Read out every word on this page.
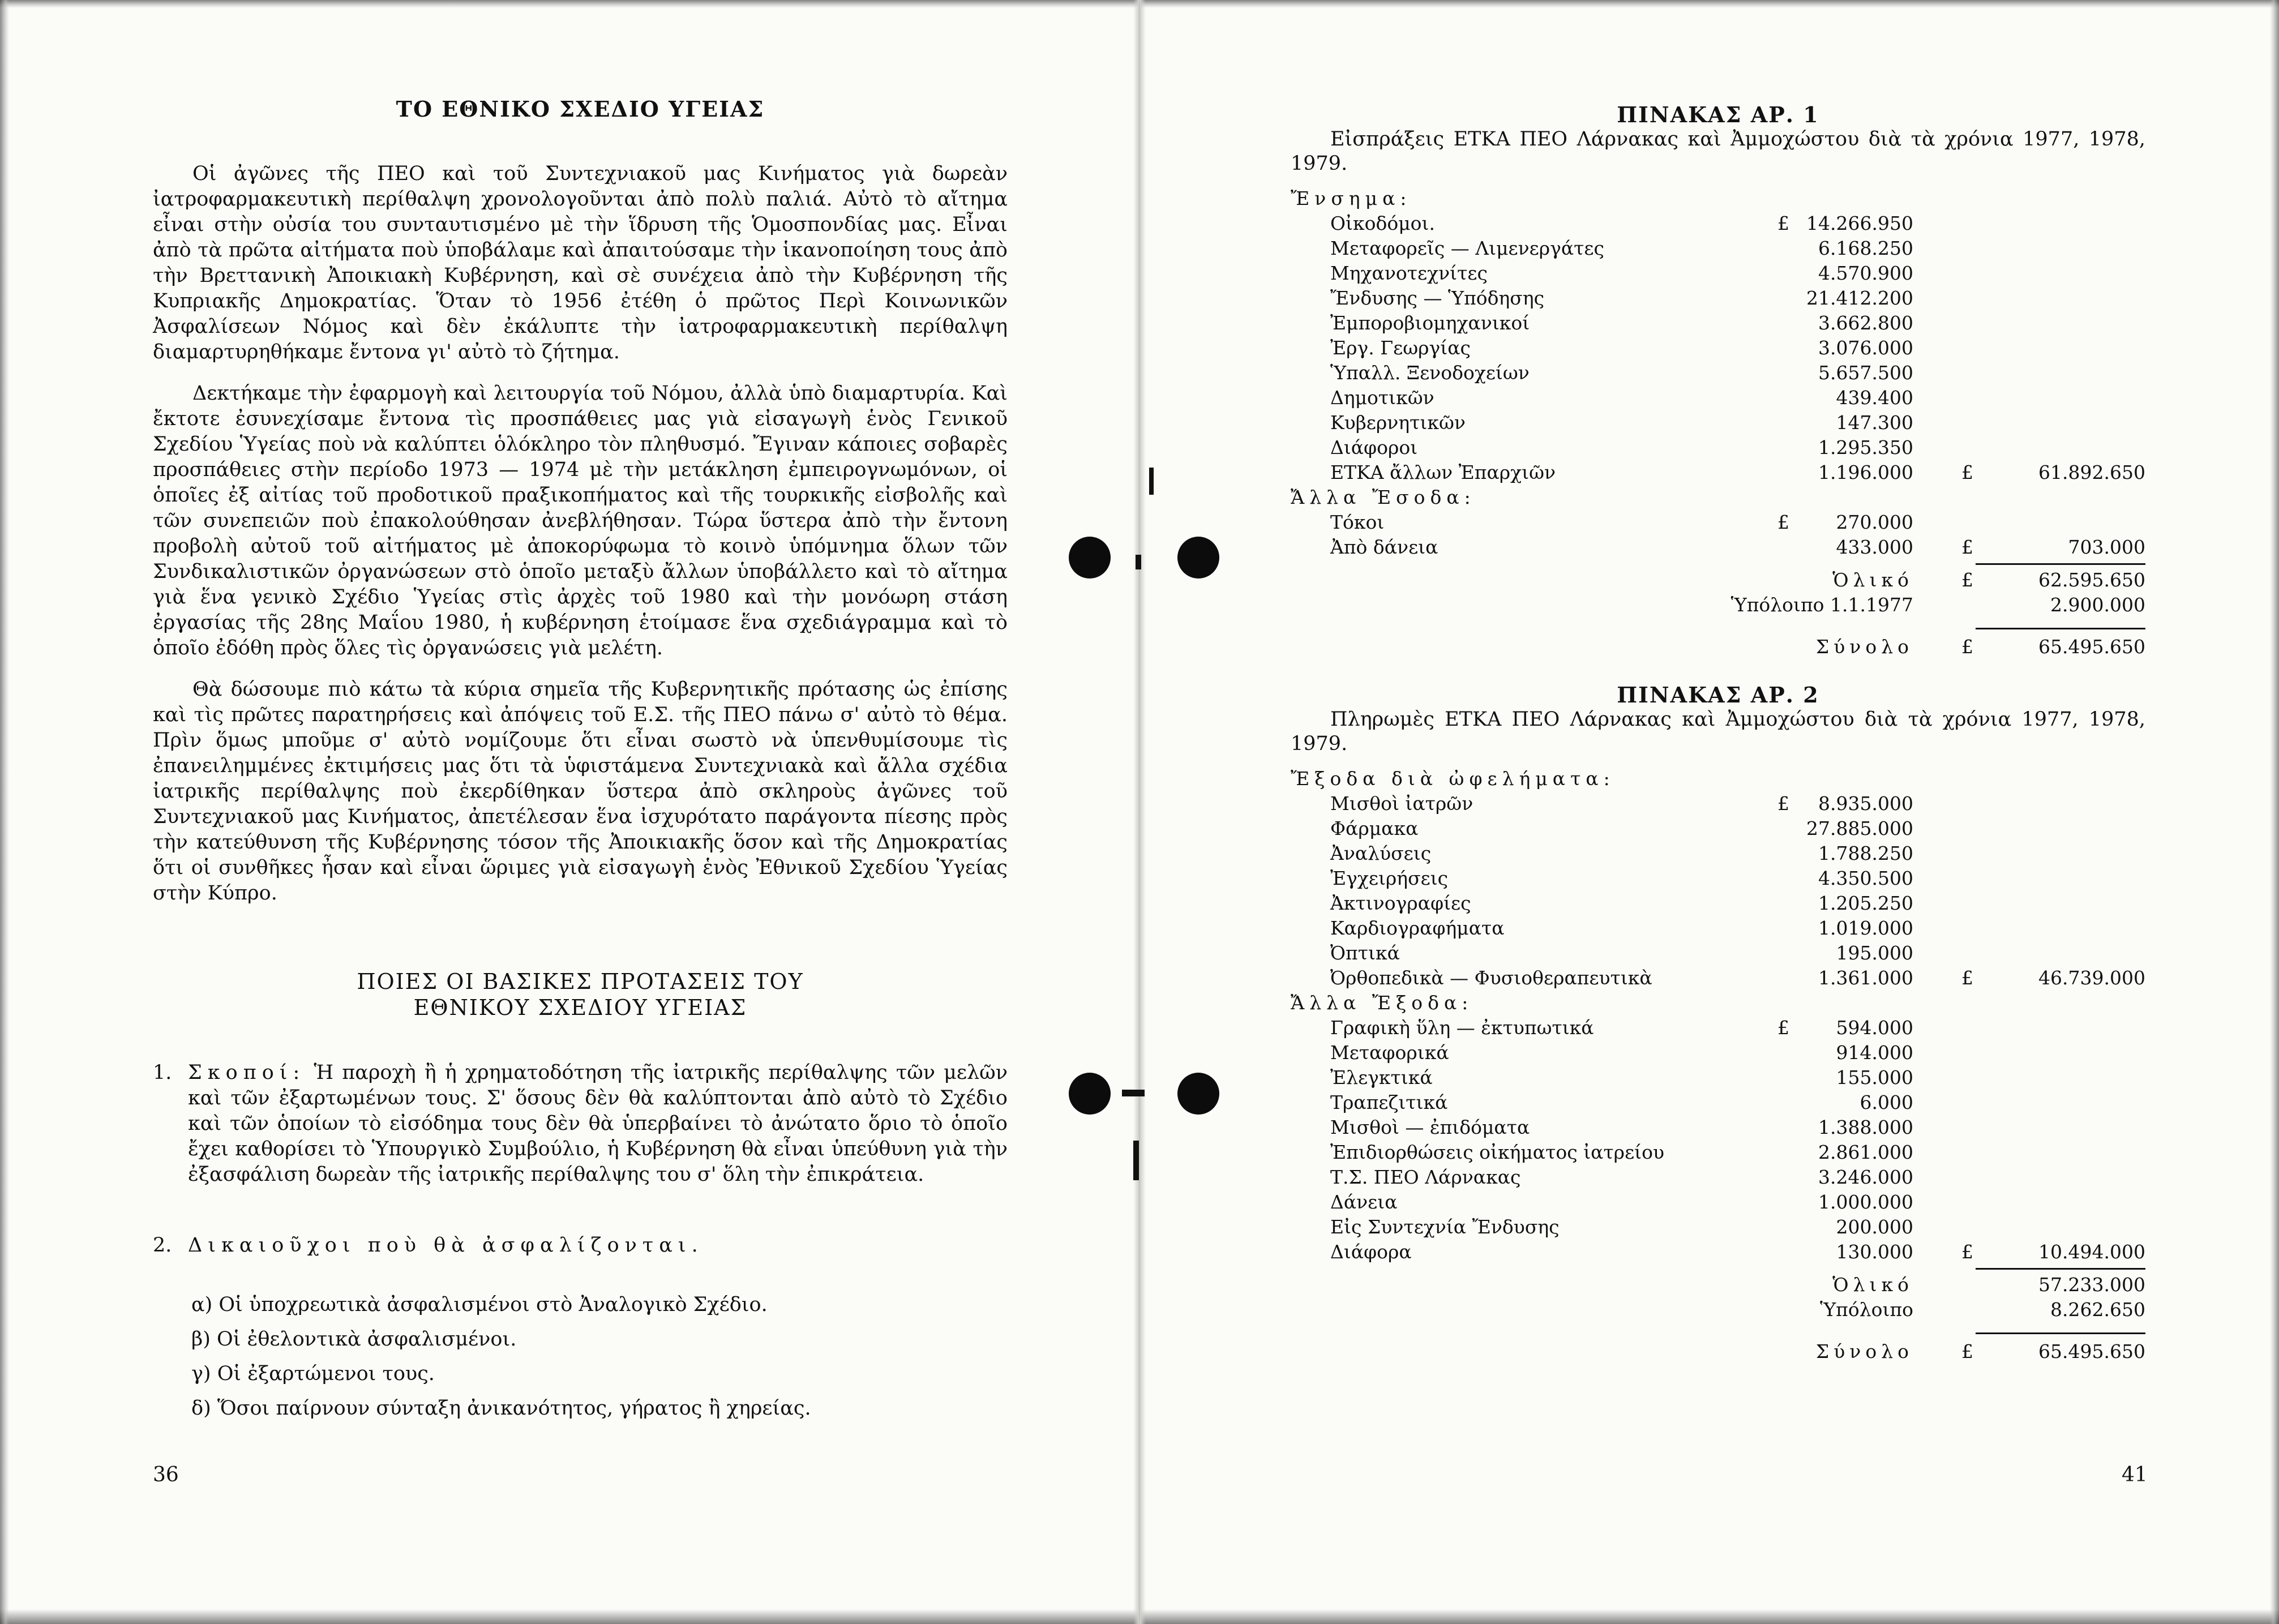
ΤΟ ΕΘΝΙΚΟ ΣΧΕΔΙΟ ΥΓΕΙΑΣ

Οἱ ἀγῶνες τῆς ΠΕΟ καὶ τοῦ Συντεχνιακοῦ μας Κινήματος γιὰ δωρεὰν ἰατροφαρμακευτικὴ περίθαλψη χρονολογοῦνται ἀπὸ πολὺ παλιά. Αὐτὸ τὸ αἴτημα εἶναι στὴν οὐσία του συνταυτισμένο μὲ τὴν ἵδρυση τῆς Ὁμοσπονδίας μας. Εἶναι ἀπὸ τὰ πρῶτα αἰτήματα ποὺ ὑποβάλαμε καὶ ἀπαιτούσαμε τὴν ἱκανοποίηση τους ἀπὸ τὴν Βρεττανικὴ Ἀποικιακὴ Κυβέρνηση, καὶ σὲ συνέχεια ἀπὸ τὴν Κυβέρνηση τῆς Κυπριακῆς Δημοκρατίας. Ὅταν τὸ 1956 ἐτέθη ὁ πρῶτος Περὶ Κοινωνικῶν Ἀσφαλίσεων Νόμος καὶ δὲν ἐκάλυπτε τὴν ἰατροφαρμακευτικὴ περίθαλψη διαμαρτυρηθήκαμε ἔντονα γι' αὐτὸ τὸ ζήτημα.

Δεκτήκαμε τὴν ἐφαρμογὴ καὶ λειτουργία τοῦ Νόμου, ἀλλὰ ὑπὸ διαμαρτυρία. Καὶ ἔκτοτε ἐσυνεχίσαμε ἔντονα τὶς προσπάθειες μας γιὰ εἰσαγωγὴ ἑνὸς Γενικοῦ Σχεδίου Ὑγείας ποὺ νὰ καλύπτει ὁλόκληρο τὸν πληθυσμό. Ἔγιναν κάποιες σοβαρὲς προσπάθειες στὴν περίοδο 1973 — 1974 μὲ τὴν μετάκληση ἐμπειρογνωμόνων, οἱ ὁποῖες ἐξ αἰτίας τοῦ προδοτικοῦ πραξικοπήματος καὶ τῆς τουρκικῆς εἰσβολῆς καὶ τῶν συνεπειῶν ποὺ ἐπακολούθησαν ἀνεβλήθησαν. Τώρα ὕστερα ἀπὸ τὴν ἔντονη προβολὴ αὐτοῦ τοῦ αἰτήματος μὲ ἀποκορύφωμα τὸ κοινὸ ὑπόμνημα ὅλων τῶν Συνδικαλιστικῶν ὀργανώσεων στὸ ὁποῖο μεταξὺ ἄλλων ὑποβάλλετο καὶ τὸ αἴτημα γιὰ ἕνα γενικὸ Σχέδιο Ὑγείας στὶς ἀρχὲς τοῦ 1980 καὶ τὴν μονόωρη στάση ἐργασίας τῆς 28ης Μαΐου 1980, ἡ κυβέρνηση ἑτοίμασε ἕνα σχεδιάγραμμα καὶ τὸ ὁποῖο ἐδόθη πρὸς ὅλες τὶς ὀργανώσεις γιὰ μελέτη.

Θὰ δώσουμε πιὸ κάτω τὰ κύρια σημεῖα τῆς Κυβερνητικῆς πρότασης ὡς ἐπίσης καὶ τὶς πρῶτες παρατηρήσεις καὶ ἀπόψεις τοῦ Ε.Σ. τῆς ΠΕΟ πάνω σ' αὐτὸ τὸ θέμα. Πρὶν ὅμως μποῦμε σ' αὐτὸ νομίζουμε ὅτι εἶναι σωστὸ νὰ ὑπενθυμίσουμε τὶς ἐπανειλημμένες ἐκτιμήσεις μας ὅτι τὰ ὑφιστάμενα Συντεχνιακὰ καὶ ἄλλα σχέδια ἰατρικῆς περίθαλψης ποὺ ἐκερδίθηκαν ὕστερα ἀπὸ σκληροὺς ἀγῶνες τοῦ Συντεχνιακοῦ μας Κινήματος, ἀπετέλεσαν ἕνα ἰσχυρότατο παράγοντα πίεσης πρὸς τὴν κατεύθυνση τῆς Κυβέρνησης τόσον τῆς Ἀποικιακῆς ὅσον καὶ τῆς Δημοκρατίας ὅτι οἱ συνθῆκες ἦσαν καὶ εἶναι ὥριμες γιὰ εἰσαγωγὴ ἑνὸς Ἐθνικοῦ Σχεδίου Ὑγείας στὴν Κύπρο.

ΠΟΙΕΣ ΟΙ ΒΑΣΙΚΕΣ ΠΡΟΤΑΣΕΙΣ ΤΟΥ
ΕΘΝΙΚΟΥ ΣΧΕΔΙΟΥ ΥΓΕΙΑΣ
1. Σκοποί: Ἡ παροχὴ ἢ ἡ χρηματοδότηση τῆς ἰατρικῆς περίθαλψης τῶν μελῶν καὶ τῶν ἐξαρτωμένων τους. Σ' ὅσους δὲν θὰ καλύπτονται ἀπὸ αὐτὸ τὸ Σχέδιο καὶ τῶν ὁποίων τὸ εἰσόδημα τους δὲν θὰ ὑπερβαίνει τὸ ἀνώτατο ὅριο τὸ ὁποῖο ἔχει καθορίσει τὸ Ὑπουργικὸ Συμβούλιο, ἡ Κυβέρνηση θὰ εἶναι ὑπεύθυνη γιὰ τὴν ἐξασφάλιση δωρεὰν τῆς ἰατρικῆς περίθαλψης του σ' ὅλη τὴν ἐπικράτεια.
2. Δικαιοῦχοι ποὺ θὰ ἀσφαλίζονται.
α) Οἱ ὑποχρεωτικὰ ἀσφαλισμένοι στὸ Ἀναλογικὸ Σχέδιο.
β) Οἱ ἐθελοντικὰ ἀσφαλισμένοι.
γ) Οἱ ἐξαρτώμενοι τους.
δ) Ὅσοι παίρνουν σύνταξη ἀνικανότητος, γήρατος ἢ χηρείας.
36
ΠΙΝΑΚΑΣ ΑΡ. 1

Εἰσπράξεις ΕΤΚΑ ΠΕΟ Λάρνακας καὶ Ἀμμοχώστου διὰ τὰ χρόνια 1977, 1978, 1979.

Ἔνσημα:
Οἰκοδόμοι.	£ 14.266.950
Μεταφορεῖς — Λιμενεργάτες	6.168.250
Μηχανοτεχνίτες	4.570.900
Ἔνδυσης — Ὑπόδησης	21.412.200
Ἐμποροβιομηχανικοί	3.662.800
Ἐργ. Γεωργίας	3.076.000
Ὑπαλλ. Ξενοδοχείων	5.657.500
Δημοτικῶν	439.400
Κυβερνητικῶν	147.300
Διάφοροι	1.295.350
ΕΤΚΑ ἄλλων Ἐπαρχιῶν	1.196.000	£	61.892.650
Ἄλλα Ἔσοδα:
Τόκοι	£	270.000
Ἀπὸ δάνεια	433.000	£	703.000
Ὁλικό	£	62.595.650
Ὑπόλοιπο 1.1.1977	2.900.000
Σύνολο	£	65.495.650
ΠΙΝΑΚΑΣ ΑΡ. 2

Πληρωμὲς ΕΤΚΑ ΠΕΟ Λάρνακας καὶ Ἀμμοχώστου διὰ τὰ χρόνια 1977, 1978, 1979.

Ἔξοδα διὰ ὠφελήματα:
Μισθοὶ ἰατρῶν	£ 8.935.000
Φάρμακα	27.885.000
Ἀναλύσεις	1.788.250
Ἐγχειρήσεις	4.350.500
Ἀκτινογραφίες	1.205.250
Καρδιογραφήματα	1.019.000
Ὀπτικά	195.000
Ὀρθοπεδικὰ — Φυσιοθεραπευτικὰ	1.361.000	£	46.739.000
Ἄλλα Ἔξοδα:
Γραφικὴ ὕλη — ἐκτυπωτικά	£	594.000
Μεταφορικά	914.000
Ἐλεγκτικά	155.000
Τραπεζιτικά	6.000
Μισθοὶ — ἐπιδόματα	1.388.000
Ἐπιδιορθώσεις οἰκήματος ἰατρείου	2.861.000
Τ.Σ. ΠΕΟ Λάρνακας	3.246.000
Δάνεια	1.000.000
Εἰς Συντεχνία Ἔνδυσης	200.000
Διάφορα	130.000	£	10.494.000
Ὁλικό	57.233.000
Ὑπόλοιπο	8.262.650
Σύνολο	£	65.495.650
41
